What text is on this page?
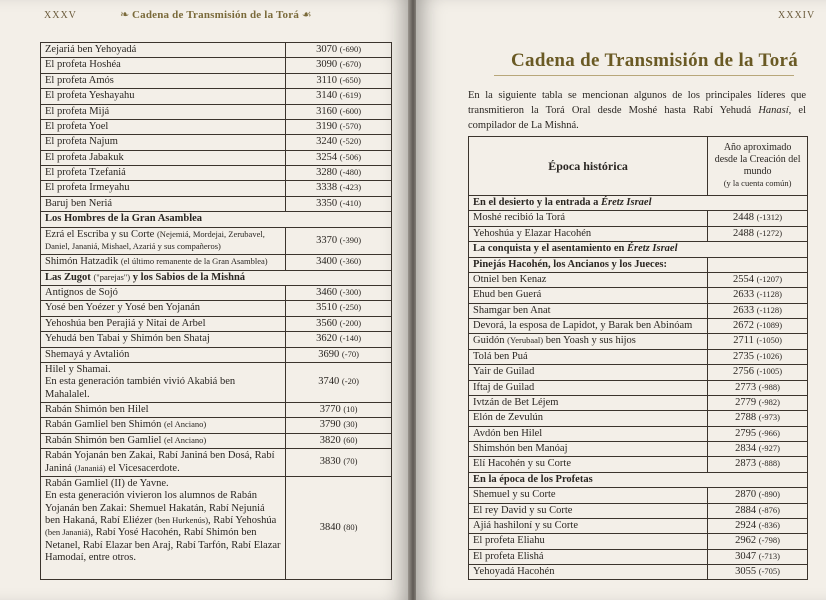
XXXV	❧ Cadena de Transmisión de la Torá ☙
Zejariá ben Yehoyadá	3070 (-690)
El profeta Hoshéa	3090 (-670)
El profeta Amós	3110 (-650)
El profeta Yeshayahu	3140 (-619)
El profeta Mijá	3160 (-600)
El profeta Yoel	3190 (-570)
El profeta Najum	3240 (-520)
El profeta Jabakuk	3254 (-506)
El profeta Tzefaniá	3280 (-480)
El profeta Irmeyahu	3338 (-423)
Baruj ben Neriá	3350 (-410)
Los Hombres de la Gran Asamblea	
Ezrá el Escriba y su Corte (Nejemiá, Mordejai, Zerubavel, Daniel, Jananiá, Mishael, Azariá y sus compañeros)	3370 (-390)
Shimón Hatzadik (el último remanente de la Gran Asamblea)	3400 (-360)
Las Zugot ("parejas") y los Sabios de la Mishná	
Antignos de Sojó	3460 (-300)
Yosé ben Yoézer y Yosé ben Yojanán	3510 (-250)
Yehoshúa ben Perajiá y Nitai de Arbel	3560 (-200)
Yehudá ben Tabai y Shimón ben Shataj	3620 (-140)
Shemayá y Avtalión	3690 (-70)
Hilel y Shamai.
En esta generación también vivió Akabiá ben Mahalalel.	3740 (-20)
Rabán Shimón ben Hilel	3770 (10)
Rabán Gamliel ben Shimón (el Anciano)	3790 (30)
Rabán Shimón ben Gamliel (el Anciano)	3820 (60)
Rabán Yojanán ben Zakai, Rabí Janiná ben Dosá, Rabí
Janiná (Jananiá) el Vicesacerdote.	3830 (70)
Rabán Gamliel (II) de Yavne.
En esta generación vivieron los alumnos de Rabán Yojanán ben Zakai: Shemuel Hakatán, Rabí Nejuniá ben Hakaná, Rabí Eliézer (ben Hurkenús), Rabí Yehoshúa (ben Jananiá), Rabí Yosé Hacohén, Rabí Shimón ben Netanel, Rabí Elazar ben Araj, Rabí Tarfón, Rabí Elazar Hamodaí, entre otros.	3840 (80)
XXXIV
Cadena de Transmisión de la Torá

En la siguiente tabla se mencionan algunos de los principales líderes que transmitieron la Torá Oral desde Moshé hasta Rabí Yehudá Hanasí, el compilador de La Mishná.

Época histórica	Año aproximado desde la Creación del mundo
(y la cuenta común)
En el desierto y la entrada a Éretz Israel	
Moshé recibió la Torá	2448 (-1312)
Yehoshúa y Elazar Hacohén	2488 (-1272)
La conquista y el asentamiento en Éretz Israel	
Pinejás Hacohén, los Ancianos y los Jueces:	
Otniel ben Kenaz	2554 (-1207)
Ehud ben Guerá	2633 (-1128)
Shamgar ben Anat	2633 (-1128)
Devorá, la esposa de Lapidot, y Barak ben Abinóam	2672 (-1089)
Guidón (Yerubaal) ben Yoash y sus hijos	2711 (-1050)
Tolá ben Puá	2735 (-1026)
Yair de Guilad	2756 (-1005)
Iftaj de Guilad	2773 (-988)
Ivtzán de Bet Léjem	2779 (-982)
Elón de Zevulún	2788 (-973)
Avdón ben Hilel	2795 (-966)
Shimshón ben Manóaj	2834 (-927)
Elí Hacohén y su Corte	2873 (-888)
En la época de los Profetas	
Shemuel y su Corte	2870 (-890)
El rey David y su Corte	2884 (-876)
Ajiá hashiloní y su Corte	2924 (-836)
El profeta Eliahu	2962 (-798)
El profeta Elishá	3047 (-713)
Yehoyadá Hacohén	3055 (-705)
